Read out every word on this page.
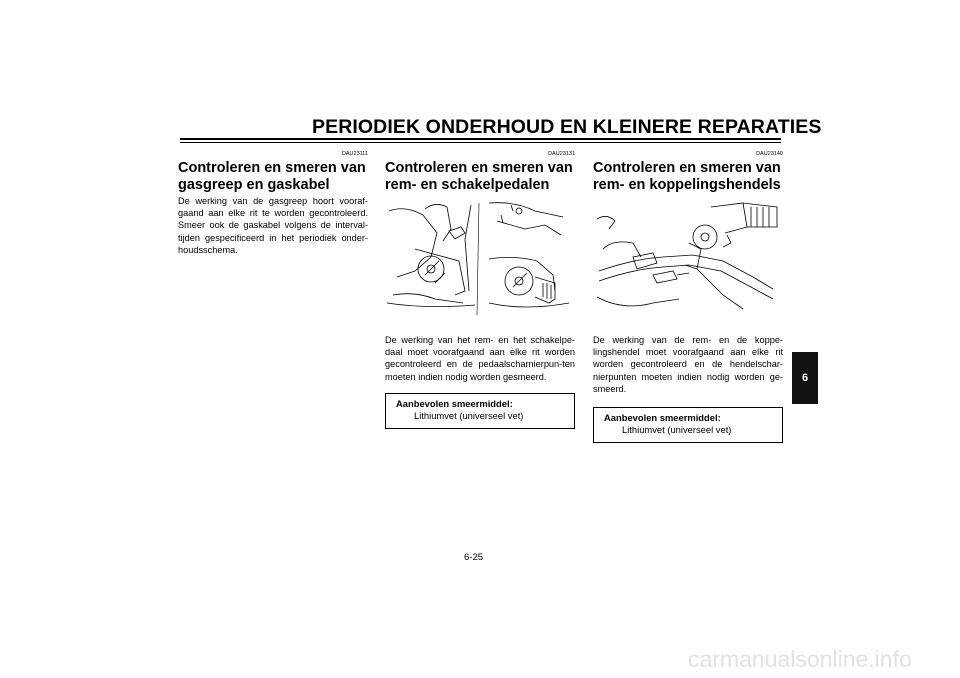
PERIODIEK ONDERHOUD EN KLEINERE REPARATIES
DAU23111
Controleren en smeren van gasgreep en gaskabel
De werking van de gasgreep hoort vooraf-gaand aan elke rit te worden gecontroleerd. Smeer ook de gaskabel volgens de interval-tijden gespecificeerd in het periodiek onder-houdsschema.
DAU23131
Controleren en smeren van rem- en schakelpedalen
De werking van het rem- en het schakelpe-daal moet voorafgaand aan elke rit worden gecontroleerd en de pedaalscharnierpun-ten moeten indien nodig worden gesmeerd.
Aanbevolen smeermiddel:
Lithiumvet (universeel vet)
DAU23140
Controleren en smeren van rem- en koppelingshendels
De werking van de rem- en de koppe-lingshendel moet voorafgaand aan elke rit worden gecontroleerd en de hendelschar-nierpunten moeten indien nodig worden ge-smeerd.
Aanbevolen smeermiddel:
Lithiumvet (universeel vet)
6
6-25
carmanualsonline.info
